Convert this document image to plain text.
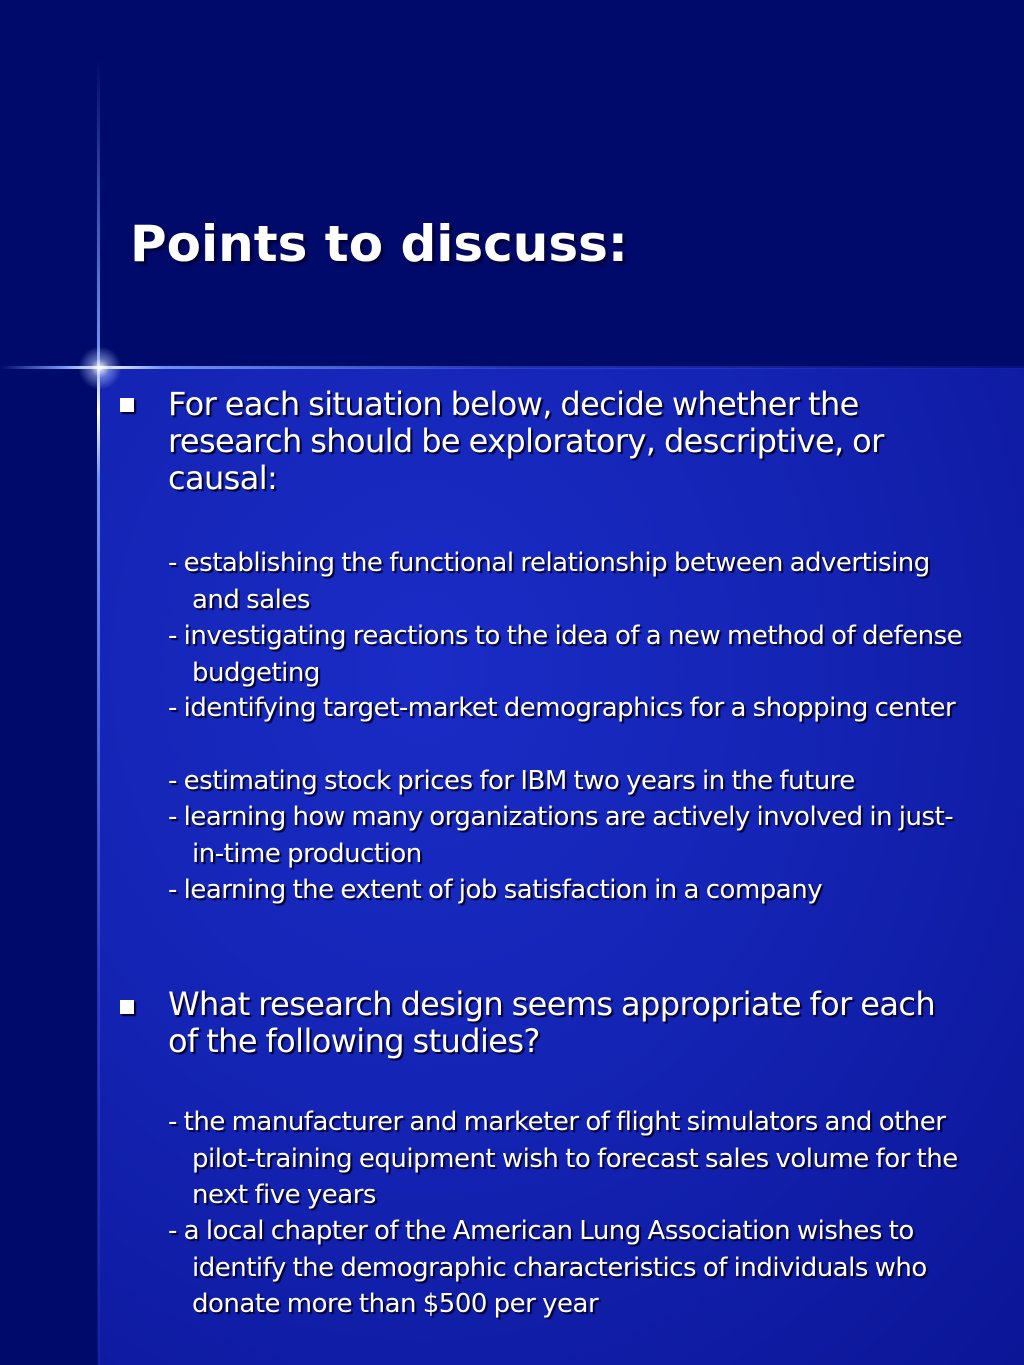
Points to discuss:

For each situation below, decide whether the research should be exploratory, descriptive, or causal:

- establishing the functional relationship between advertising and sales

- investigating reactions to the idea of a new method of defense budgeting

- identifying target-market demographics for a shopping center

- estimating stock prices for IBM two years in the future

- learning how many organizations are actively involved in just-in-time production

- learning the extent of job satisfaction in a company

What research design seems appropriate for each of the following studies?

- the manufacturer and marketer of flight simulators and other pilot-training equipment wish to forecast sales volume for the next five years

- a local chapter of the American Lung Association wishes to identify the demographic characteristics of individuals who donate more than $500 per year
